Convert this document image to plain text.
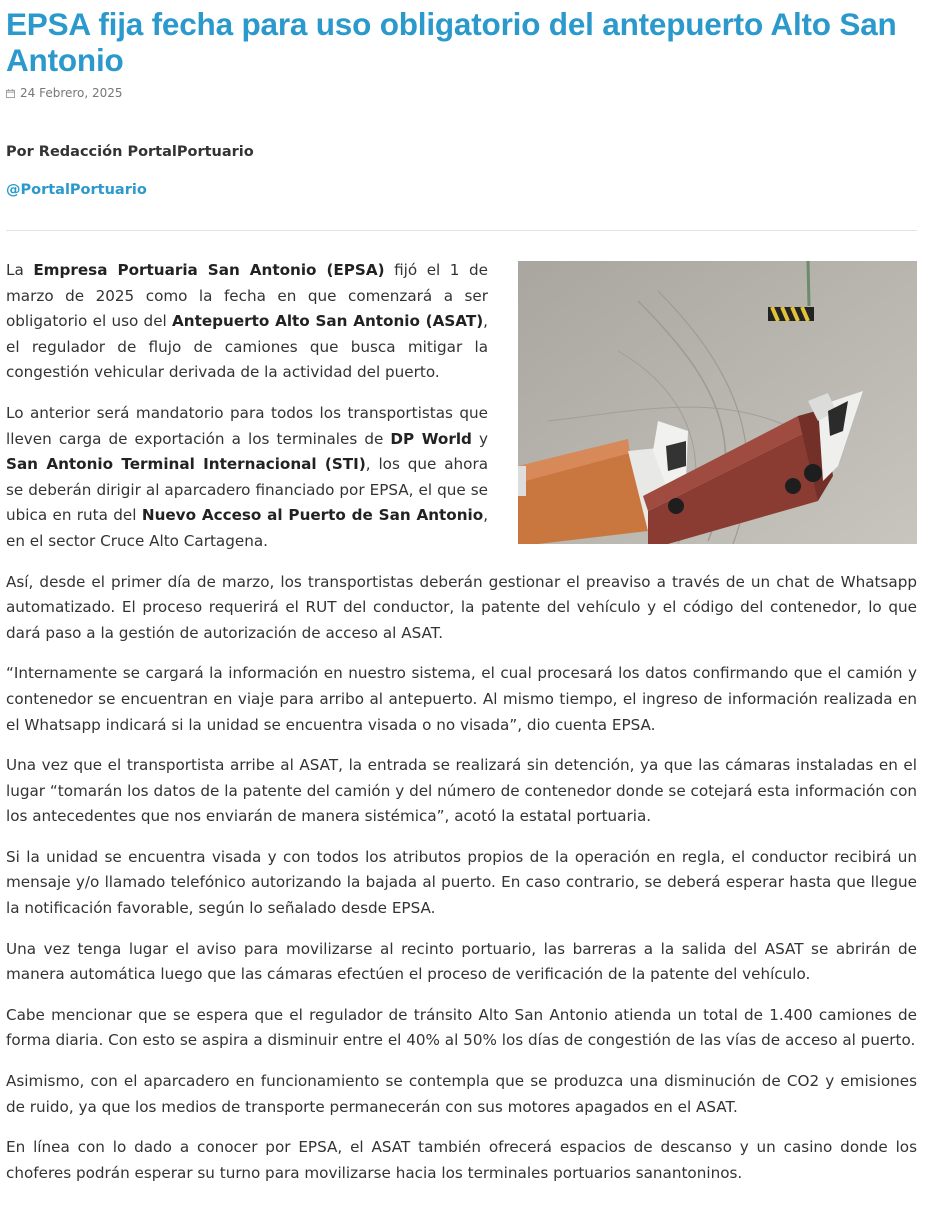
EPSA fija fecha para uso obligatorio del antepuerto Alto San Antonio
24 Febrero, 2025
Por Redacción PortalPortuario
@PortalPortuario

La Empresa Portuaria San Antonio (EPSA) fijó el 1 de marzo de 2025 como la fecha en que comenzará a ser obligatorio el uso del Antepuerto Alto San Antonio (ASAT), el regulador de flujo de camiones que busca mitigar la congestión vehicular derivada de la actividad del puerto.

Lo anterior será mandatorio para todos los transportistas que lleven carga de exportación a los terminales de DP World y San Antonio Terminal Internacional (STI), los que ahora se deberán dirigir al aparcadero financiado por EPSA, el que se ubica en ruta del Nuevo Acceso al Puerto de San Antonio, en el sector Cruce Alto Cartagena.

Así, desde el primer día de marzo, los transportistas deberán gestionar el preaviso a través de un chat de Whatsapp automatizado. El proceso requerirá el RUT del conductor, la patente del vehículo y el código del contenedor, lo que dará paso a la gestión de autorización de acceso al ASAT.

“Internamente se cargará la información en nuestro sistema, el cual procesará los datos confirmando que el camión y contenedor se encuentran en viaje para arribo al antepuerto. Al mismo tiempo, el ingreso de información realizada en el Whatsapp indicará si la unidad se encuentra visada o no visada”, dio cuenta EPSA.

Una vez que el transportista arribe al ASAT, la entrada se realizará sin detención, ya que las cámaras instaladas en el lugar “tomarán los datos de la patente del camión y del número de contenedor donde se cotejará esta información con los antecedentes que nos enviarán de manera sistémica”, acotó la estatal portuaria.

Si la unidad se encuentra visada y con todos los atributos propios de la operación en regla, el conductor recibirá un mensaje y/o llamado telefónico autorizando la bajada al puerto. En caso contrario, se deberá esperar hasta que llegue la notificación favorable, según lo señalado desde EPSA.

Una vez tenga lugar el aviso para movilizarse al recinto portuario, las barreras a la salida del ASAT se abrirán de manera automática luego que las cámaras efectúen el proceso de verificación de la patente del vehículo.

Cabe mencionar que se espera que el regulador de tránsito Alto San Antonio atienda un total de 1.400 camiones de forma diaria. Con esto se aspira a disminuir entre el 40% al 50% los días de congestión de las vías de acceso al puerto.

Asimismo, con el aparcadero en funcionamiento se contempla que se produzca una disminución de CO2 y emisiones de ruido, ya que los medios de transporte permanecerán con sus motores apagados en el ASAT.

En línea con lo dado a conocer por EPSA, el ASAT también ofrecerá espacios de descanso y un casino donde los choferes podrán esperar su turno para movilizarse hacia los terminales portuarios sanantoninos.
